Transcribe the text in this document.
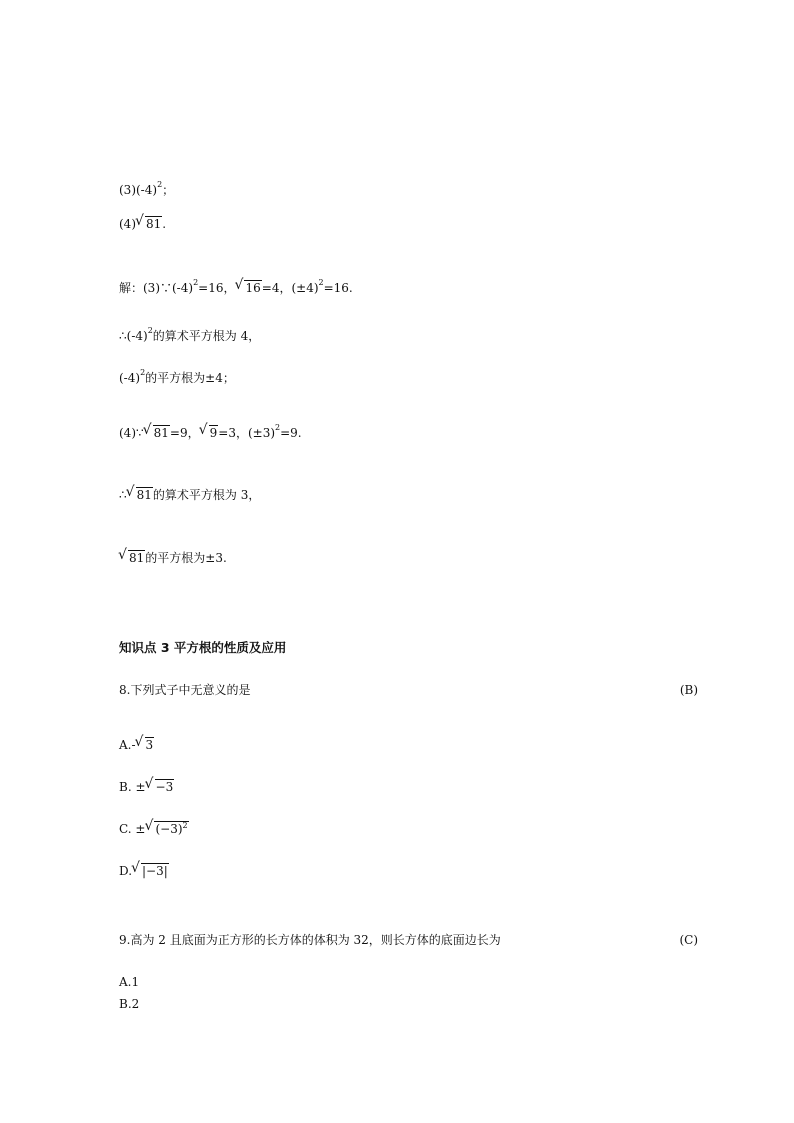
$(3)(-4)^2$；
(4) √ 81.
解：$(3)\because(-4)^2=16$， √ 16=4，$(\pm 4)^2=16$.
$\therefore(-4)^2$的算术平方根为 4，
$(-4)^2$的平方根为±4；
(4)∵ √ 81=9， √ 9=3，$(\pm 3)^2=9$.
∴ √ 81的算术平方根为 3，
√ 81的平方根为±3.
知识点 3 平方根的性质及应用
8.下列式子中无意义的是	(B)
A.- √ 3
B. ± √ −3
C. ± √ $(-3)^2$
D. √ |−3|
9.高为 2 且底面为正方形的长方体的体积为 32，则长方体的底面边长为	(C)
A.1
B.2
